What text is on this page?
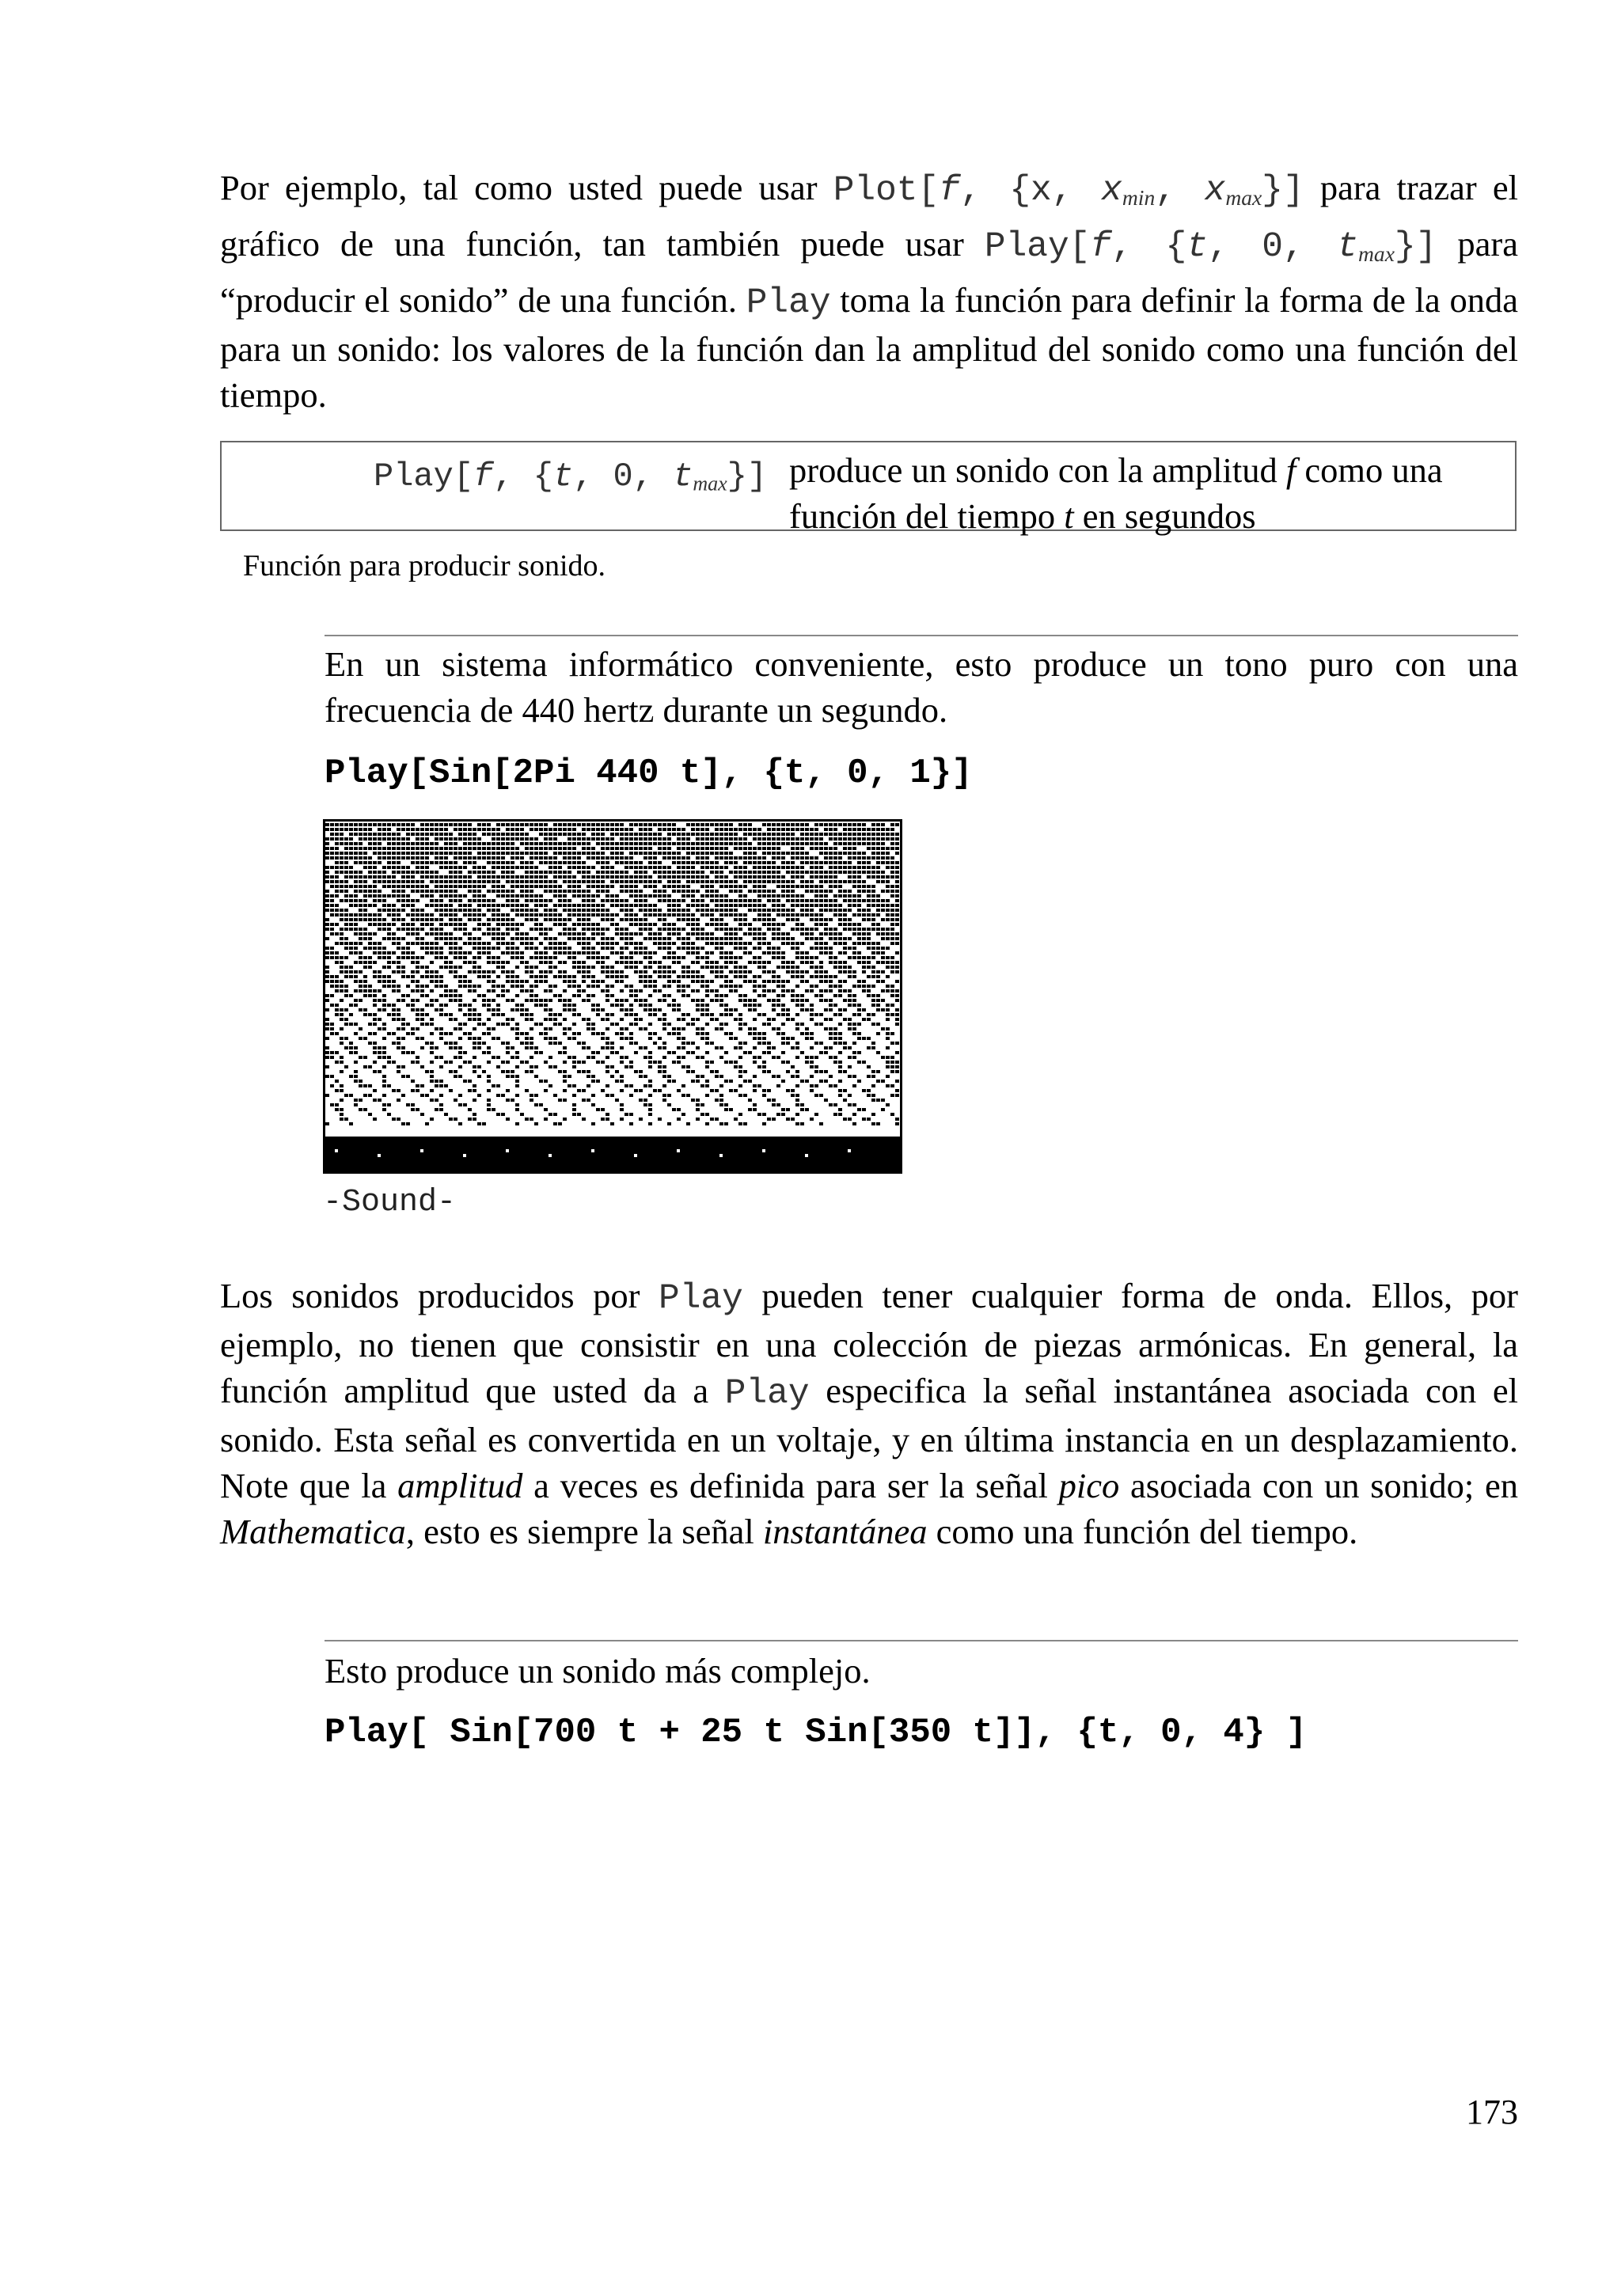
Por ejemplo, tal como usted puede usar Plot[f, {x, $x_{min}$, $x_{max}$}] para trazar el gráfico de una función, tan también puede usar Play[f, {t, 0, $t_{max}$}] para “producir el sonido” de una función. Play toma la función para definir la forma de la onda para un sonido: los valores de la función dan la amplitud del sonido como una función del tiempo.
Play[f, {t, 0, $t_{max}$}] produce un sonido con la amplitud f como una función del tiempo t en segundos
Función para producir sonido.
En un sistema informático conveniente, esto produce un tono puro con una frecuencia de 440 hertz durante un segundo.
Play[Sin[2Pi 440 t], {t, 0, 1}]
-Sound-
Los sonidos producidos por Play pueden tener cualquier forma de onda. Ellos, por ejemplo, no tienen que consistir en una colección de piezas armónicas. En general, la función amplitud que usted da a Play especifica la señal instantánea asociada con el sonido. Esta señal es convertida en un voltaje, y en última instancia en un desplazamiento. Note que la amplitud a veces es definida para ser la señal pico asociada con un sonido; en Mathematica, esto es siempre la señal instantánea como una función del tiempo.
Esto produce un sonido más complejo.
Play[ Sin[700 t + 25 t Sin[350 t]], {t, 0, 4} ]
173
